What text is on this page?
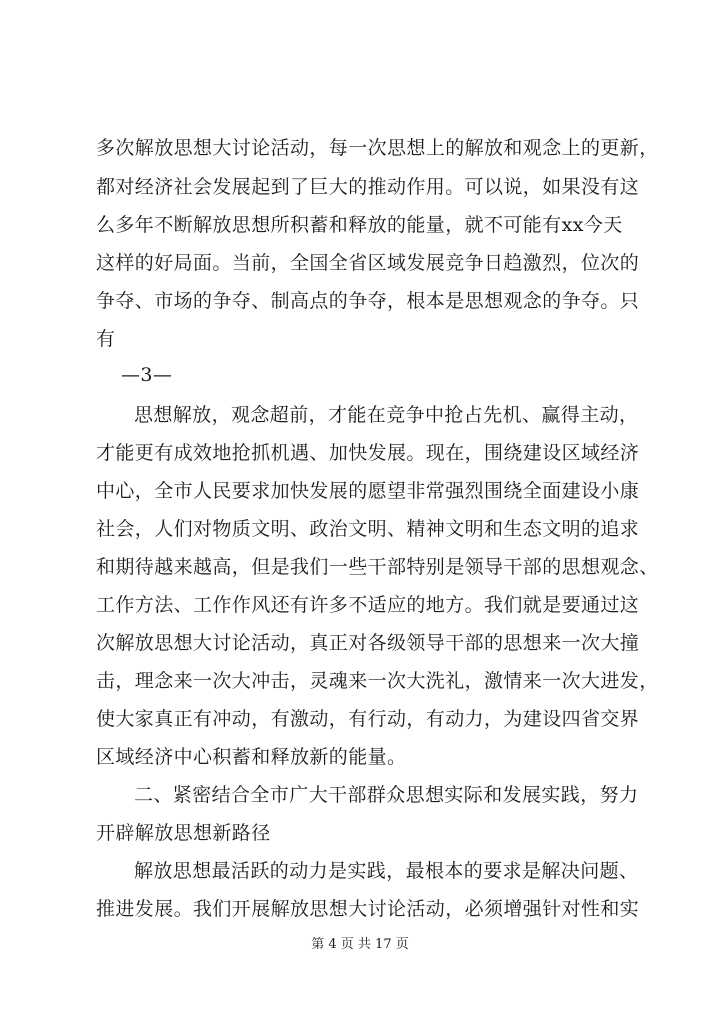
多次解放思想大讨论活动，每一次思想上的解放和观念上的更新，
都对经济社会发展起到了巨大的推动作用。可以说，如果没有这
么多年不断解放思想所积蓄和释放的能量，就不可能有xx今天
这样的好局面。当前，全国全省区域发展竞争日趋激烈，位次的
争夺、市场的争夺、制高点的争夺，根本是思想观念的争夺。只
有
—3—
思想解放，观念超前，才能在竞争中抢占先机、赢得主动，
才能更有成效地抢抓机遇、加快发展。现在，围绕建设区域经济
中心，全市人民要求加快发展的愿望非常强烈围绕全面建设小康
社会，人们对物质文明、政治文明、精神文明和生态文明的追求
和期待越来越高，但是我们一些干部特别是领导干部的思想观念、
工作方法、工作作风还有许多不适应的地方。我们就是要通过这
次解放思想大讨论活动，真正对各级领导干部的思想来一次大撞
击，理念来一次大冲击，灵魂来一次大洗礼，激情来一次大进发，
使大家真正有冲动，有激动，有行动，有动力，为建设四省交界
区域经济中心积蓄和释放新的能量。
二、紧密结合全市广大干部群众思想实际和发展实践，努力
开辟解放思想新路径
解放思想最活跃的动力是实践，最根本的要求是解决问题、
推进发展。我们开展解放思想大讨论活动，必须增强针对性和实
第 4 页 共 17 页
